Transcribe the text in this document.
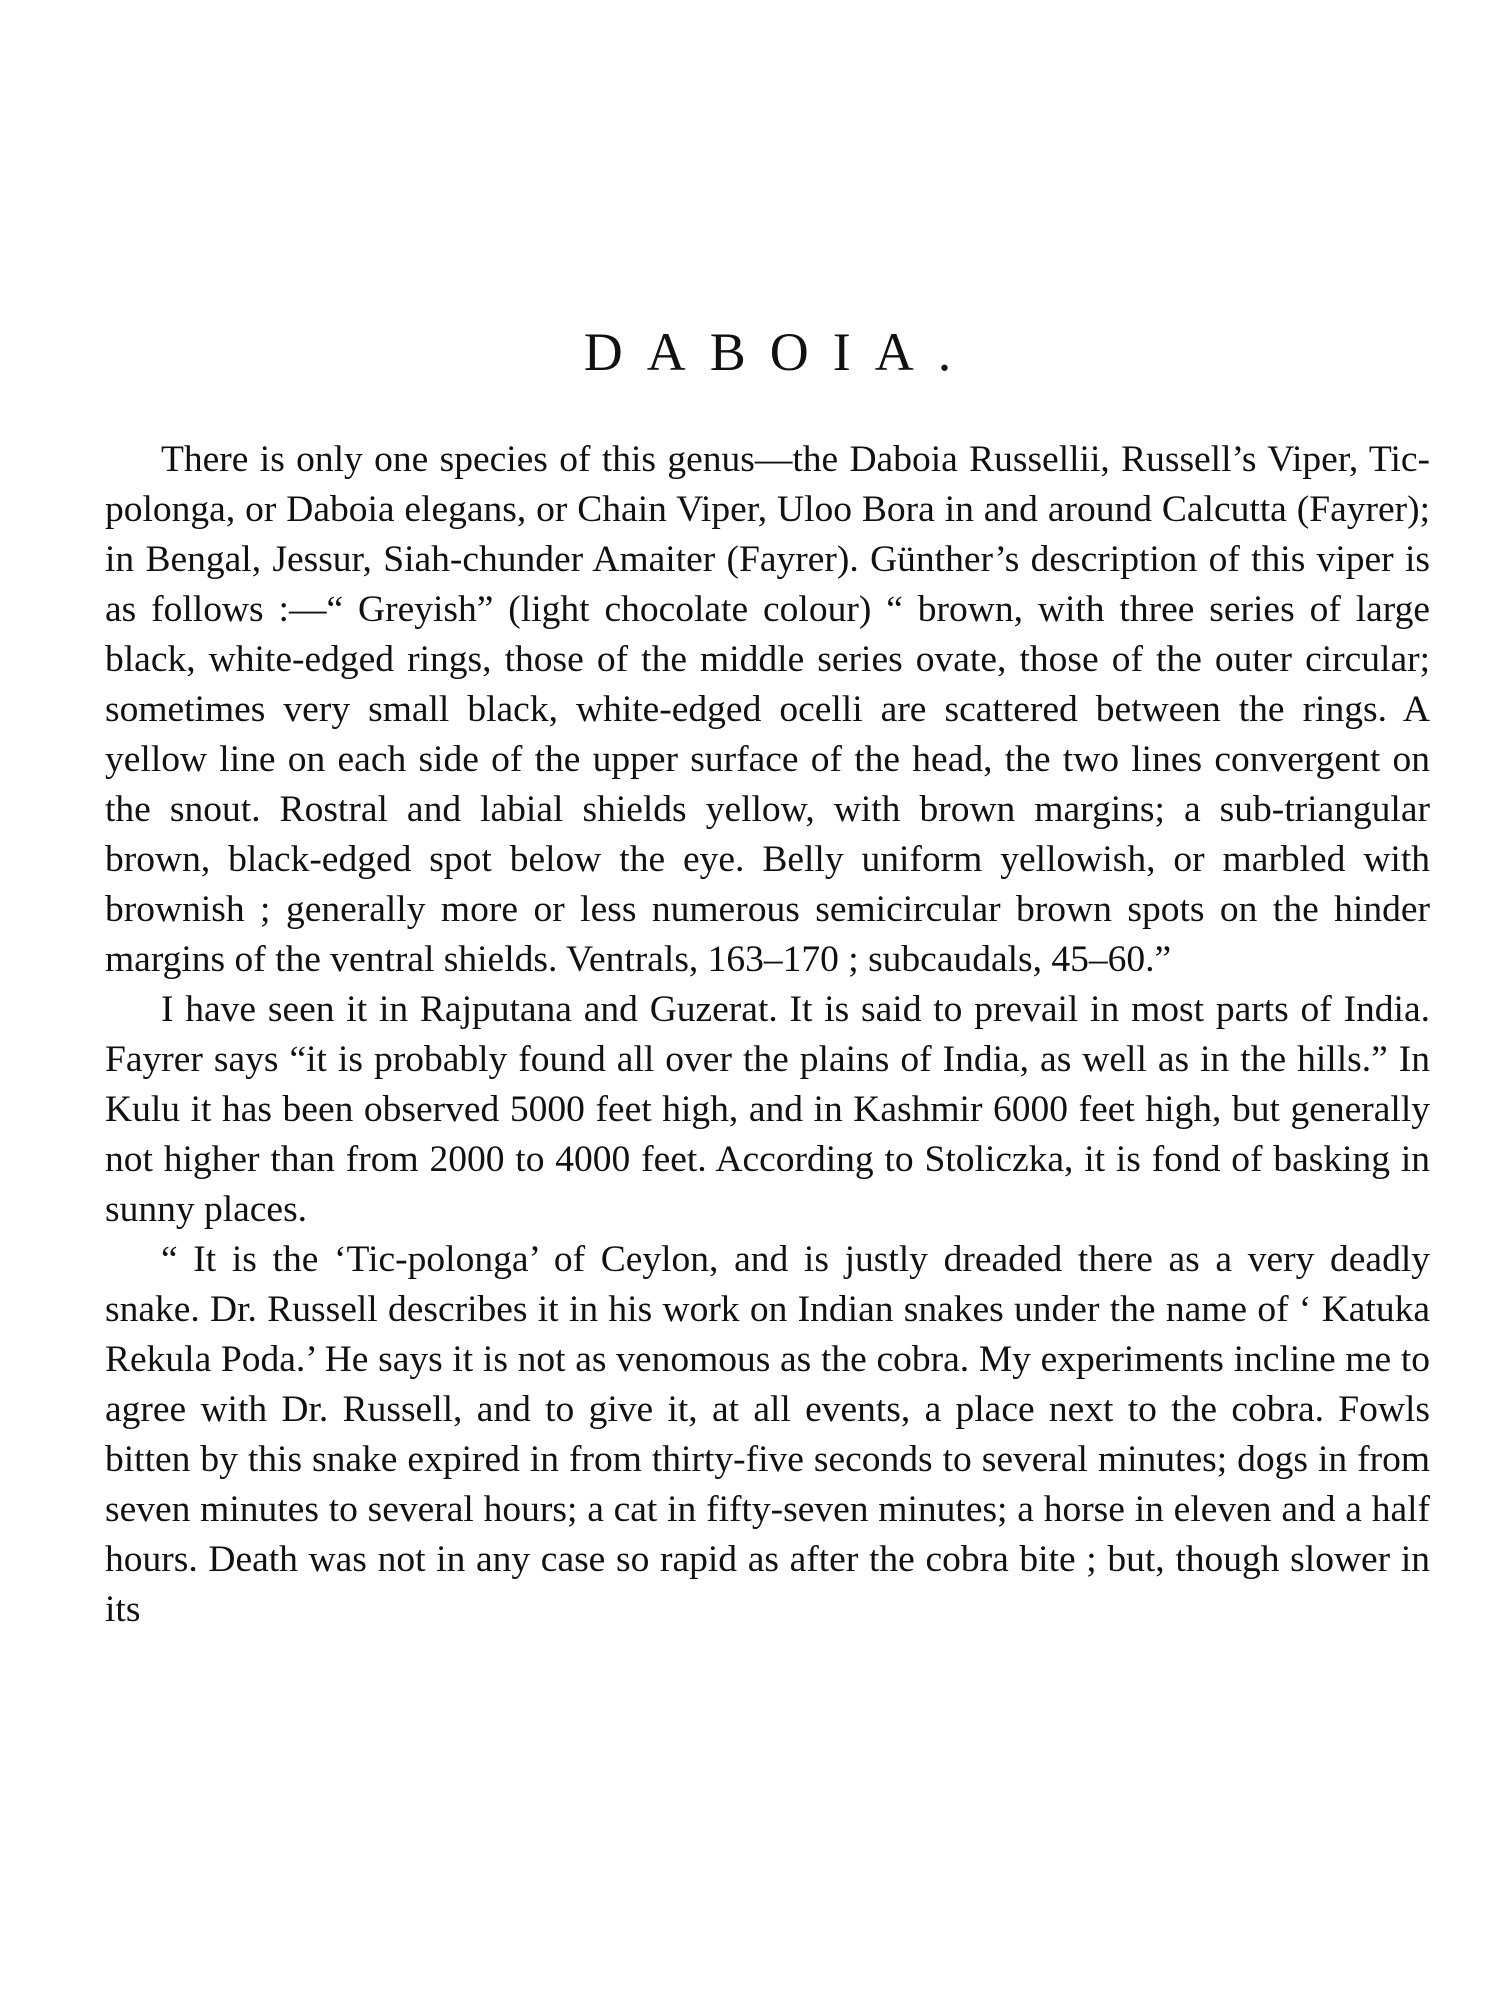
DABOIA.

There is only one species of this genus—the Daboia Russellii, Russell’s Viper, Tic-polonga, or Daboia elegans, or Chain Viper, Uloo Bora in and around Calcutta (Fayrer); in Bengal, Jessur, Siah-chunder Amaiter (Fayrer). Günther’s description of this viper is as follows :—“ Greyish” (light chocolate colour) “ brown, with three series of large black, white-edged rings, those of the middle series ovate, those of the outer circular; sometimes very small black, white-edged ocelli are scattered between the rings. A yellow line on each side of the upper surface of the head, the two lines convergent on the snout. Rostral and labial shields yellow, with brown margins; a sub-triangular brown, black-edged spot below the eye. Belly uniform yellowish, or marbled with brownish ; generally more or less numerous semicircular brown spots on the hinder margins of the ventral shields. Ventrals, 163–170 ; subcaudals, 45–60.”

I have seen it in Rajputana and Guzerat. It is said to prevail in most parts of India. Fayrer says “it is probably found all over the plains of India, as well as in the hills.” In Kulu it has been observed 5000 feet high, and in Kashmir 6000 feet high, but generally not higher than from 2000 to 4000 feet. According to Stoliczka, it is fond of basking in sunny places.

“ It is the ‘Tic-polonga’ of Ceylon, and is justly dreaded there as a very deadly snake. Dr. Russell describes it in his work on Indian snakes under the name of ‘ Katuka Rekula Poda.’ He says it is not as venomous as the cobra. My experiments incline me to agree with Dr. Russell, and to give it, at all events, a place next to the cobra. Fowls bitten by this snake expired in from thirty-five seconds to several minutes; dogs in from seven minutes to several hours; a cat in fifty-seven minutes; a horse in eleven and a half hours. Death was not in any case so rapid as after the cobra bite ; but, though slower in its
